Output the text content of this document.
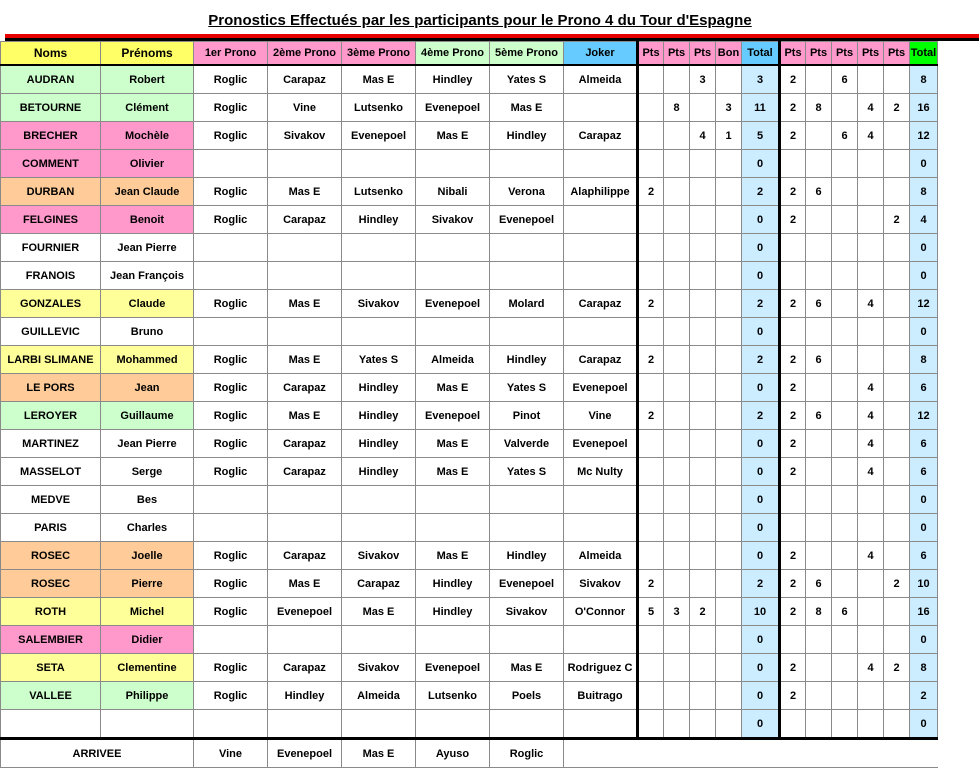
Pronostics Effectués par les participants pour le Prono 4 du Tour d'Espagne
Noms	Prénoms	1er Prono	2ème Prono	3ème Prono	4ème Prono	5ème Prono	Joker	Pts	Pts	Pts	Bon	Total	Pts	Pts	Pts	Pts	Pts	Total
AUDRAN	Robert	Roglic	Carapaz	Mas E	Hindley	Yates S	Almeida			3		3	2		6			8
BETOURNE	Clément	Roglic	Vine	Lutsenko	Evenepoel	Mas E			8		3	11	2	8		4	2	16
BRECHER	Mochèle	Roglic	Sivakov	Evenepoel	Mas E	Hindley	Carapaz			4	1	5	2		6	4		12
COMMENT	Olivier											0						0
DURBAN	Jean Claude	Roglic	Mas E	Lutsenko	Nibali	Verona	Alaphilippe	2				2	2	6				8
FELGINES	Benoit	Roglic	Carapaz	Hindley	Sivakov	Evenepoel						0	2				2	4
FOURNIER	Jean Pierre											0						0
FRANOIS	Jean François											0						0
GONZALES	Claude	Roglic	Mas E	Sivakov	Evenepoel	Molard	Carapaz	2				2	2	6		4		12
GUILLEVIC	Bruno											0						0
LARBI SLIMANE	Mohammed	Roglic	Mas E	Yates S	Almeida	Hindley	Carapaz	2				2	2	6				8
LE PORS	Jean	Roglic	Carapaz	Hindley	Mas E	Yates S	Evenepoel					0	2			4		6
LEROYER	Guillaume	Roglic	Mas E	Hindley	Evenepoel	Pinot	Vine	2				2	2	6		4		12
MARTINEZ	Jean Pierre	Roglic	Carapaz	Hindley	Mas E	Valverde	Evenepoel					0	2			4		6
MASSELOT	Serge	Roglic	Carapaz	Hindley	Mas E	Yates S	Mc Nulty					0	2			4		6
MEDVE	Bes											0						0
PARIS	Charles											0						0
ROSEC	Joelle	Roglic	Carapaz	Sivakov	Mas E	Hindley	Almeida					0	2			4		6
ROSEC	Pierre	Roglic	Mas E	Carapaz	Hindley	Evenepoel	Sivakov	2				2	2	6			2	10
ROTH	Michel	Roglic	Evenepoel	Mas E	Hindley	Sivakov	O'Connor	5	3	2		10	2	8	6			16
SALEMBIER	Didier											0						0
SETA	Clementine	Roglic	Carapaz	Sivakov	Evenepoel	Mas E	Rodriguez C					0	2			4	2	8
VALLEE	Philippe	Roglic	Hindley	Almeida	Lutsenko	Poels	Buitrago					0	2					2
												0						0
ARRIVEE		Vine	Evenepoel	Mas E	Ayuso	Roglic												
